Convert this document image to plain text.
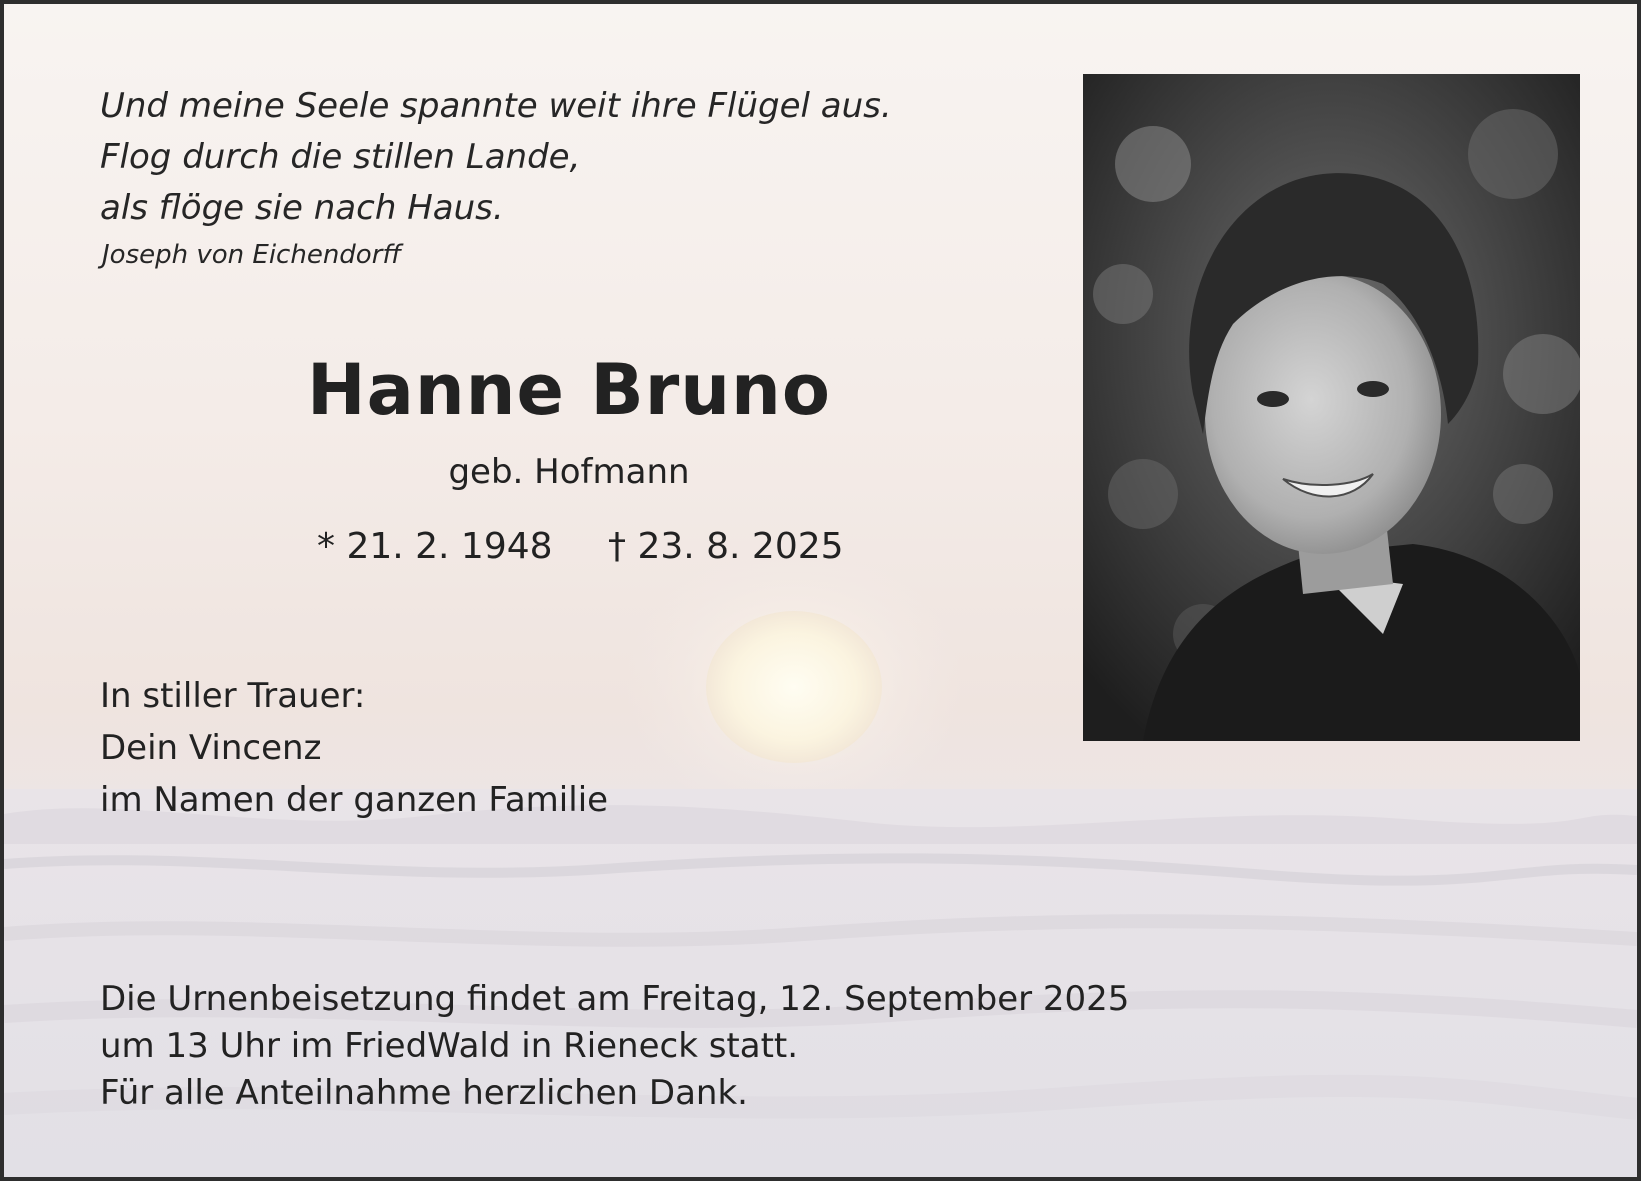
Und meine Seele spannte weit ihre Flügel aus.
Flog durch die stillen Lande,
als flöge sie nach Haus.
Joseph von Eichendorff
Hanne Bruno
geb. Hofmann
* 21. 2. 1948 † 23. 8. 2025
In stiller Trauer:
Dein Vincenz
im Namen der ganzen Familie
Die Urnenbeisetzung findet am Freitag, 12. September 2025
um 13 Uhr im FriedWald in Rieneck statt.
Für alle Anteilnahme herzlichen Dank.
